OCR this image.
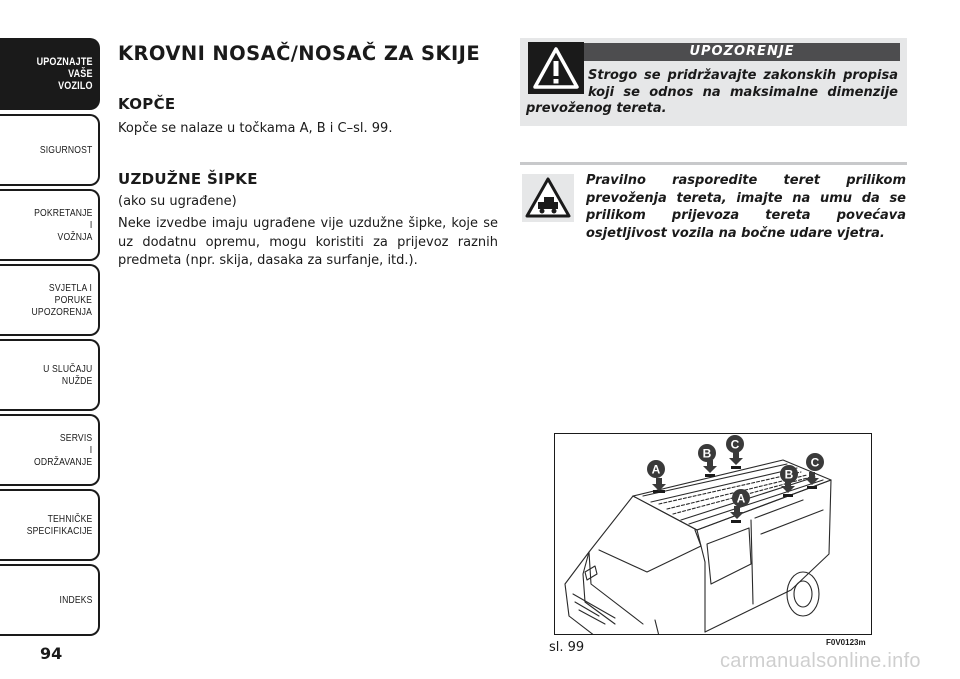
UPOZNAJTE
VAŠE
VOZILO
SIGURNOST
POKRETANJE
I
VOŽNJA
SVJETLA I
PORUKE
UPOZORENJA
U SLUČAJU
NUŽDE
SERVIS
I
ODRŽAVANJE
TEHNIČKE
SPECIFIKACIJE
INDEKS
94
KROVNI NOSAČ/NOSAČ ZA SKIJE
KOPČE

Kopče se nalaze u točkama A, B i C–sl. 99.

UZDUŽNE ŠIPKE

(ako su ugrađene)

Neke izvedbe imaju ugrađene vije uzdužne šipke, koje se uz dodatnu opremu, mogu koristiti za prijevoz raznih predmeta (npr. skija, dasaka za surfanje, itd.).

UPOZORENJE

Strogo se pridržavajte zakonskih propisa koji se odnos na maksimalne dimenzije prevoženog tereta.

Pravilno rasporedite teret prilikom prevoženja tereta, imajte na umu da se prilikom prijevoza tereta povećava osjetljivost vozila na bočne udare vjetra.

A
B
C
A
B
C
F0V0123m
sl. 99
carmanualsonline.info
